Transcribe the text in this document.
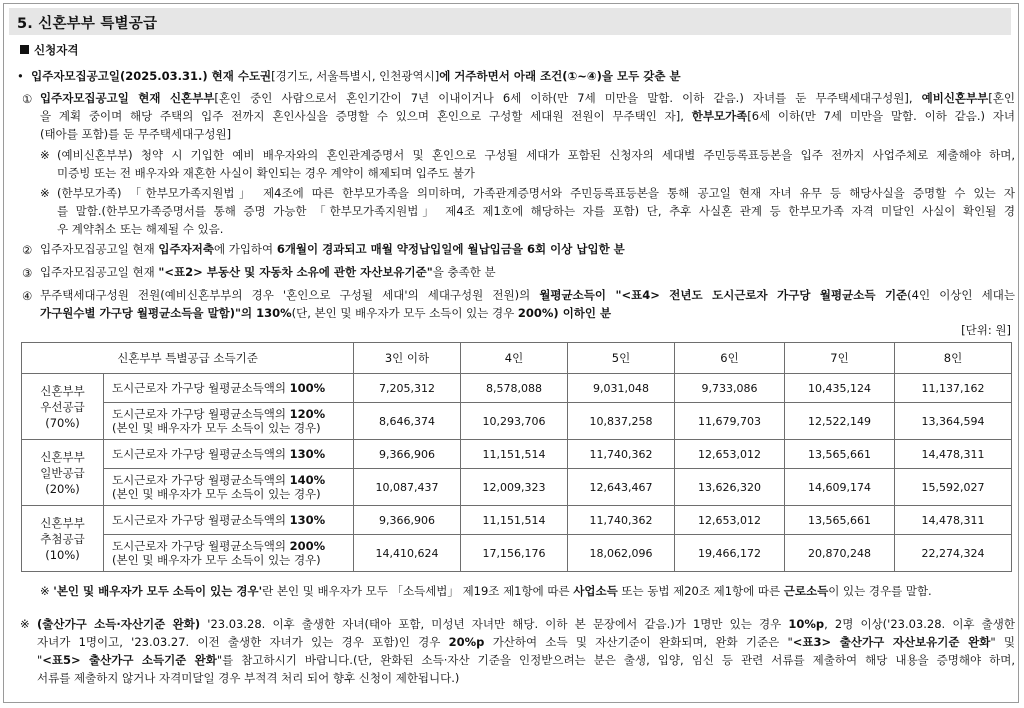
5. 신혼부부 특별공급
신청자격
• 입주자모집공고일(2025.03.31.) 현재 수도권[경기도, 서울특별시, 인천광역시]에 거주하면서 아래 조건(①~④)을 모두 갖춘 분
① 입주자모집공고일 현재 신혼부부[혼인 중인 사람으로서 혼인기간이 7년 이내이거나 6세 이하(만 7세 미만을 말함. 이하 같음.) 자녀를 둔 무주택세대구성원], 예비신혼부부[혼인
을 계획 중이며 해당 주택의 입주 전까지 혼인사실을 증명할 수 있으며 혼인으로 구성할 세대원 전원이 무주택인 자], 한부모가족[6세 이하(만 7세 미만을 말함. 이하 같음.) 자녀
(태아를 포함)를 둔 무주택세대구성원]
※ (예비신혼부부) 청약 시 기입한 예비 배우자와의 혼인관계증명서 및 혼인으로 구성될 세대가 포함된 신청자의 세대별 주민등록표등본을 입주 전까지 사업주체로 제출해야 하며,
미증빙 또는 전 배우자와 재혼한 사실이 확인되는 경우 계약이 해제되며 입주도 불가
※ (한부모가족) 「한부모가족지원법」 제4조에 따른 한부모가족을 의미하며, 가족관계증명서와 주민등록표등본을 통해 공고일 현재 자녀 유무 등 해당사실을 증명할 수 있는 자
를 말함.(한부모가족증명서를 통해 증명 가능한 「한부모가족지원법」 제4조 제1호에 해당하는 자를 포함) 단, 추후 사실혼 관계 등 한부모가족 자격 미달인 사실이 확인될 경
우 계약취소 또는 해제될 수 있음.
② 입주자모집공고일 현재 입주자저축에 가입하여 6개월이 경과되고 매월 약정납입일에 월납입금을 6회 이상 납입한 분
③ 입주자모집공고일 현재 "<표2> 부동산 및 자동차 소유에 관한 자산보유기준"을 충족한 분
④ 무주택세대구성원 전원(예비신혼부부의 경우 '혼인으로 구성될 세대'의 세대구성원 전원)의 월평균소득이 "<표4> 전년도 도시근로자 가구당 월평균소득 기준(4인 이상인 세대는
가구원수별 가구당 월평균소득을 말함)"의 130%(단, 본인 및 배우자가 모두 소득이 있는 경우 200%) 이하인 분
[단위: 원]
신혼부부 특별공급 소득기준		3인 이하	4인	5인	6인	7인	8인

신혼부부
우선공급
(70%)	도시근로자 가구당 월평균소득액의 100%	7,205,312	8,578,088	9,031,048	9,733,086	10,435,124	11,137,162

	도시근로자 가구당 월평균소득액의 120%
(본인 및 배우자가 모두 소득이 있는 경우)	8,646,374	10,293,706	10,837,258	11,679,703	12,522,149	13,364,594

신혼부부
일반공급
(20%)	도시근로자 가구당 월평균소득액의 130%	9,366,906	11,151,514	11,740,362	12,653,012	13,565,661	14,478,311

	도시근로자 가구당 월평균소득액의 140%
(본인 및 배우자가 모두 소득이 있는 경우)	10,087,437	12,009,323	12,643,467	13,626,320	14,609,174	15,592,027

신혼부부
추첨공급
(10%)	도시근로자 가구당 월평균소득액의 130%	9,366,906	11,151,514	11,740,362	12,653,012	13,565,661	14,478,311

	도시근로자 가구당 월평균소득액의 200%
(본인 및 배우자가 모두 소득이 있는 경우)	14,410,624	17,156,176	18,062,096	19,466,172	20,870,248	22,274,324
※ '본인 및 배우자가 모두 소득이 있는 경우'란 본인 및 배우자가 모두 「소득세법」 제19조 제1항에 따른 사업소득 또는 동법 제20조 제1항에 따른 근로소득이 있는 경우를 말함.
※ (출산가구 소득·자산기준 완화) '23.03.28. 이후 출생한 자녀(태아 포함, 미성년 자녀만 해당. 이하 본 문장에서 같음.)가 1명만 있는 경우 10%p, 2명 이상('23.03.28. 이후 출생한
자녀가 1명이고, '23.03.27. 이전 출생한 자녀가 있는 경우 포함)인 경우 20%p 가산하여 소득 및 자산기준이 완화되며, 완화 기준은 "<표3> 출산가구 자산보유기준 완화" 및
"<표5> 출산가구 소득기준 완화"를 참고하시기 바랍니다.(단, 완화된 소득·자산 기준을 인정받으려는 분은 출생, 입양, 임신 등 관련 서류를 제출하여 해당 내용을 증명해야 하며,
서류를 제출하지 않거나 자격미달일 경우 부적격 처리 되어 향후 신청이 제한됩니다.)
